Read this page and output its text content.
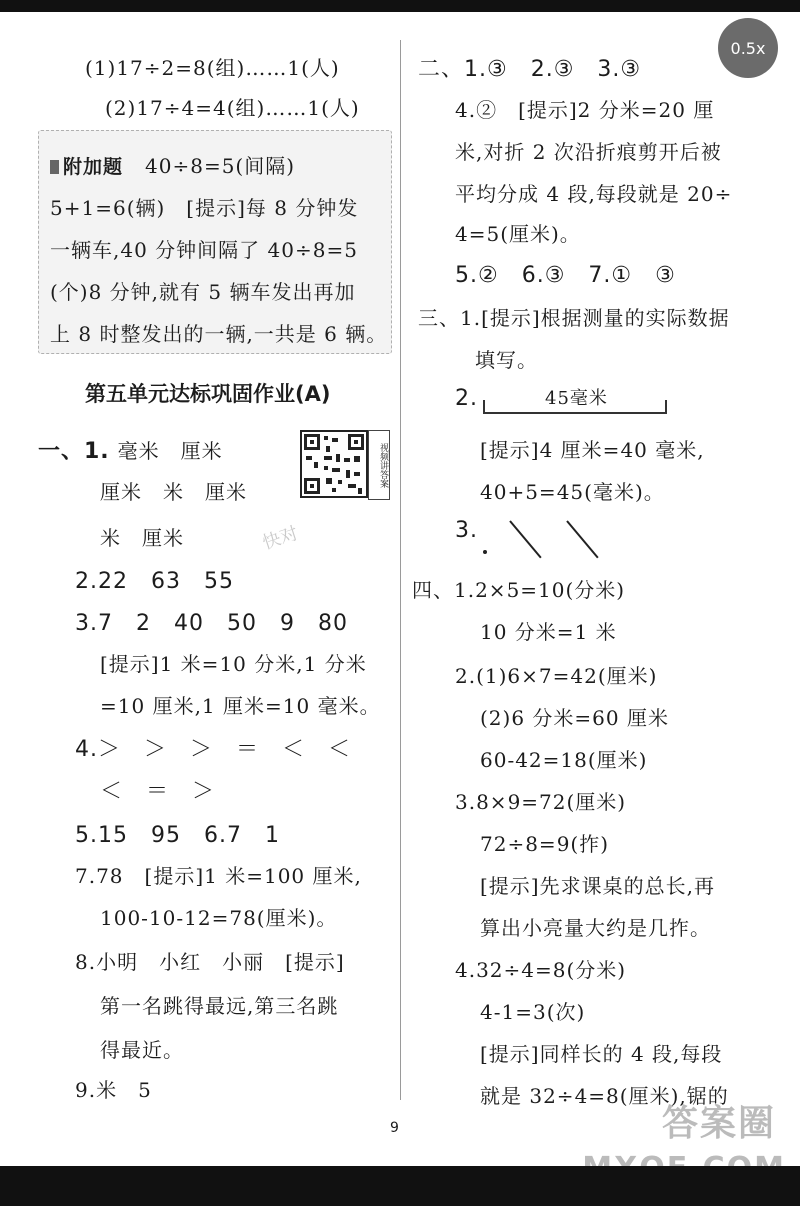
0.5x
(1)17÷2=8(组)……1(人)
(2)17÷4=4(组)……1(人)
附加题 40÷8=5(间隔)
5+1=6(辆)　[提示]每 8 分钟发
一辆车,40 分钟间隔了 40÷8=5
(个)8 分钟,就有 5 辆车发出再加
上 8 时整发出的一辆,一共是 6 辆。
第五单元达标巩固作业(A)
一、1. 毫米　厘米
厘米　米　厘米
米　厘米
视频讲答案
2.22　63　55
3.7　2　40　50　9　80
[提示]1 米=10 分米,1 分米
=10 厘米,1 厘米=10 毫米。
4.＞　＞　＞　＝　＜　＜
＜　＝　＞
5.15　95　6.7　1
7.78　[提示]1 米=100 厘米,
100-10-12=78(厘米)。
8.小明　小红　小丽　[提示]
第一名跳得最远,第三名跳
得最近。
9.米　5
二、1.③　2.③　3.③
4.②　[提示]2 分米=20 厘
米,对折 2 次沿折痕剪开后被
平均分成 4 段,每段就是 20÷
4=5(厘米)。
5.②　6.③　7.①　③
三、1.[提示]根据测量的实际数据
填写。
2.	45毫米
[提示]4 厘米=40 毫米,
40+5=45(毫米)。
3.
四、1.2×5=10(分米)
10 分米=1 米
2.(1)6×7=42(厘米)
(2)6 分米=60 厘米
60-42=18(厘米)
3.8×9=72(厘米)
72÷8=9(拃)
[提示]先求课桌的总长,再
算出小亮量大约是几拃。
4.32÷4=8(分米)
4-1=3(次)
[提示]同样长的 4 段,每段
就是 32÷4=8(厘米),锯的
9
快对
答案圈
